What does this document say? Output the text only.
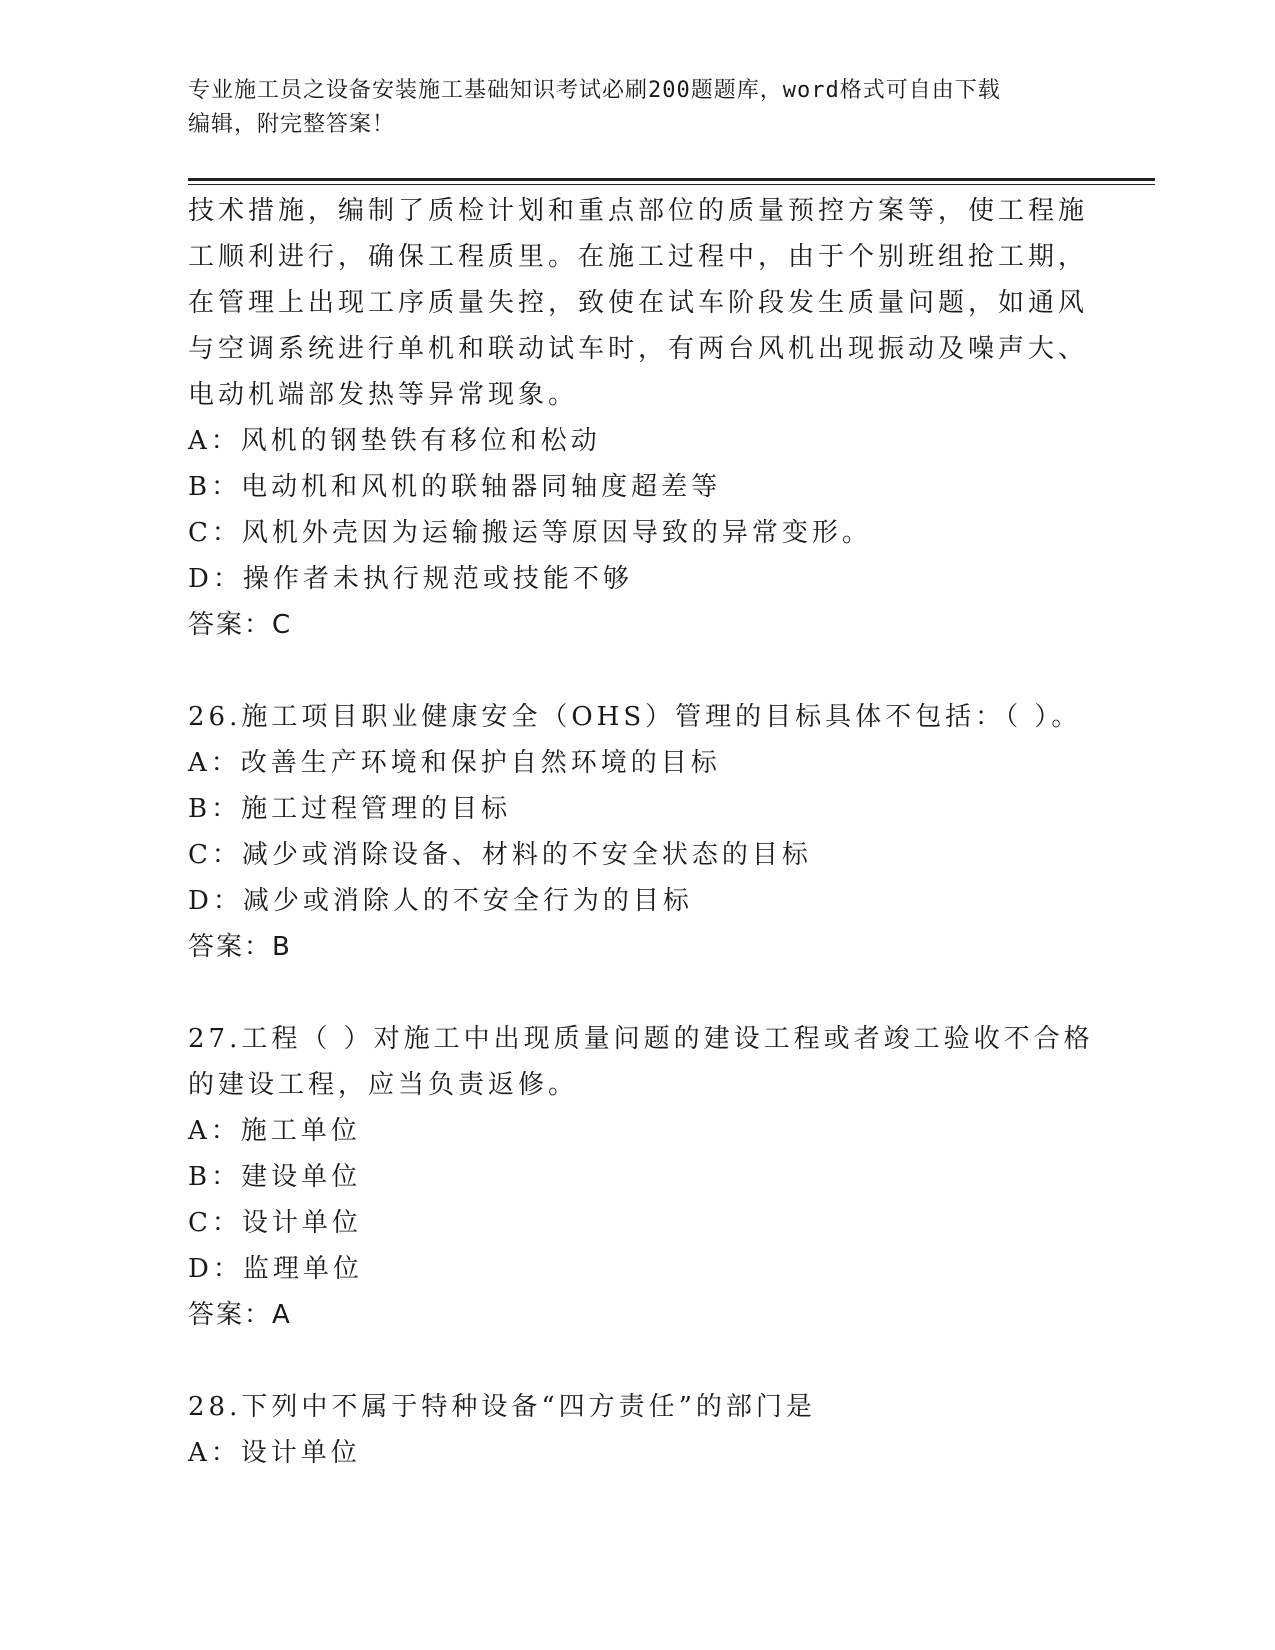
专业施工员之设备安装施工基础知识考试必刷200题题库，word格式可自由下载
编辑，附完整答案！
技术措施，编制了质检计划和重点部位的质量预控方案等，使工程施
工顺利进行，确保工程质里。在施工过程中，由于个别班组抢工期，
在管理上出现工序质量失控，致使在试车阶段发生质量问题，如通风
与空调系统进行单机和联动试车时，有两台风机出现振动及噪声大、
电动机端部发热等异常现象。
A：风机的钢垫铁有移位和松动
B：电动机和风机的联轴器同轴度超差等
C：风机外壳因为运输搬运等原因导致的异常变形。
D：操作者未执行规范或技能不够
答案：C
26.施工项目职业健康安全（OHS）管理的目标具体不包括：（ ）。
A：改善生产环境和保护自然环境的目标
B：施工过程管理的目标
C：减少或消除设备、材料的不安全状态的目标
D：减少或消除人的不安全行为的目标
答案：B
27.工程（ ）对施工中出现质量问题的建设工程或者竣工验收不合格
的建设工程，应当负责返修。
A：施工单位
B：建设单位
C：设计单位
D：监理单位
答案：A
28.下列中不属于特种设备“四方责任”的部门是
A：设计单位
